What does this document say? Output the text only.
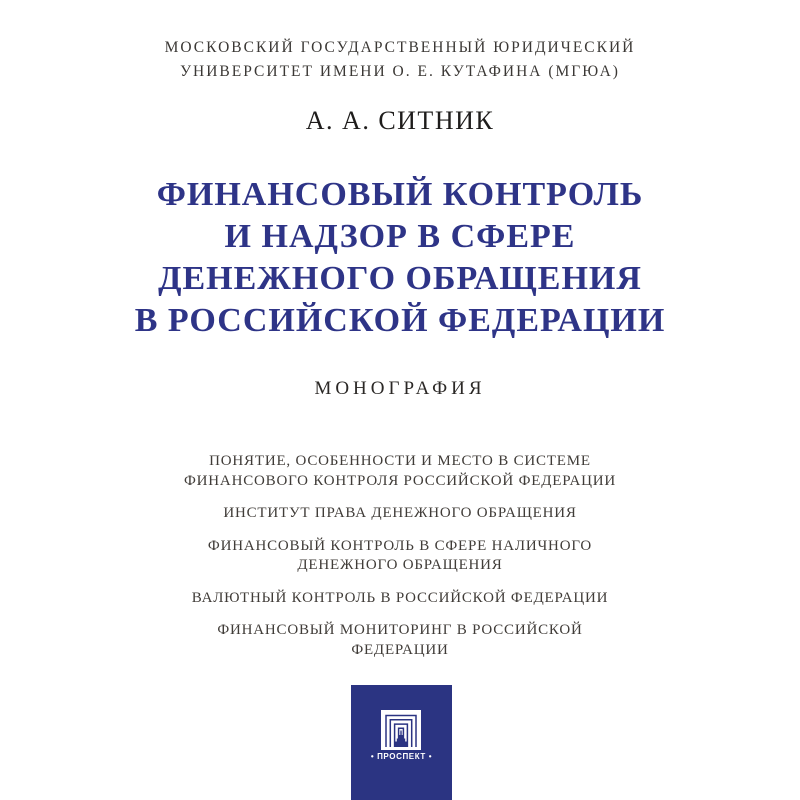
МОСКОВСКИЙ ГОСУДАРСТВЕННЫЙ ЮРИДИЧЕСКИЙ
УНИВЕРСИТЕТ ИМЕНИ О. Е. КУТАФИНА (МГЮА)
А. А. СИТНИК
ФИНАНСОВЫЙ КОНТРОЛЬ
И НАДЗОР В СФЕРЕ
ДЕНЕЖНОГО ОБРАЩЕНИЯ
В РОССИЙСКОЙ ФЕДЕРАЦИИ
МОНОГРАФИЯ
ПОНЯТИЕ, ОСОБЕННОСТИ И МЕСТО В СИСТЕМЕ
ФИНАНСОВОГО КОНТРОЛЯ РОССИЙСКОЙ ФЕДЕРАЦИИ
ИНСТИТУТ ПРАВА ДЕНЕЖНОГО ОБРАЩЕНИЯ
ФИНАНСОВЫЙ КОНТРОЛЬ В СФЕРЕ НАЛИЧНОГО
ДЕНЕЖНОГО ОБРАЩЕНИЯ
ВАЛЮТНЫЙ КОНТРОЛЬ В РОССИЙСКОЙ ФЕДЕРАЦИИ
ФИНАНСОВЫЙ МОНИТОРИНГ В РОССИЙСКОЙ
ФЕДЕРАЦИИ
• ПРОСПЕКТ •
